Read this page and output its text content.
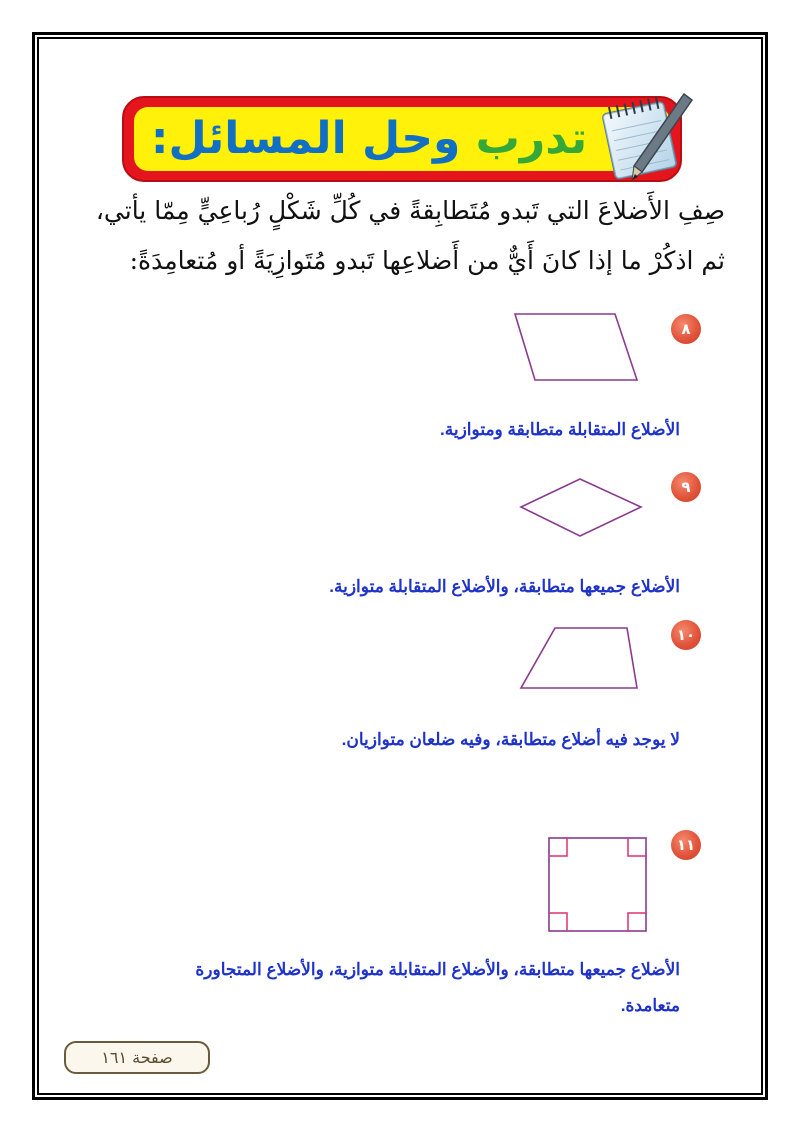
تدرب

وحل المسائل:
صِفِ الأَضلاعَ التي تَبدو مُتَطابِقةً في كُلِّ شَكْلٍ رُباعِيٍّ مِمّا يأتي،
ثم اذكُرْ ما إذا كانَ أَيٌّ من أَضلاعِها تَبدو مُتَوازِيَةً أو مُتعامِدَةً:
٨
الأضلاع المتقابلة متطابقة ومتوازية.
٩
الأضلاع جميعها متطابقة، والأضلاع المتقابلة متوازية.
١٠
لا يوجد فيه أضلاع متطابقة، وفيه ضلعان متوازيان.
١١
الأضلاع جميعها متطابقة، والأضلاع المتقابلة متوازية، والأضلاع المتجاورة
متعامدة.
صفحة ١٦١
